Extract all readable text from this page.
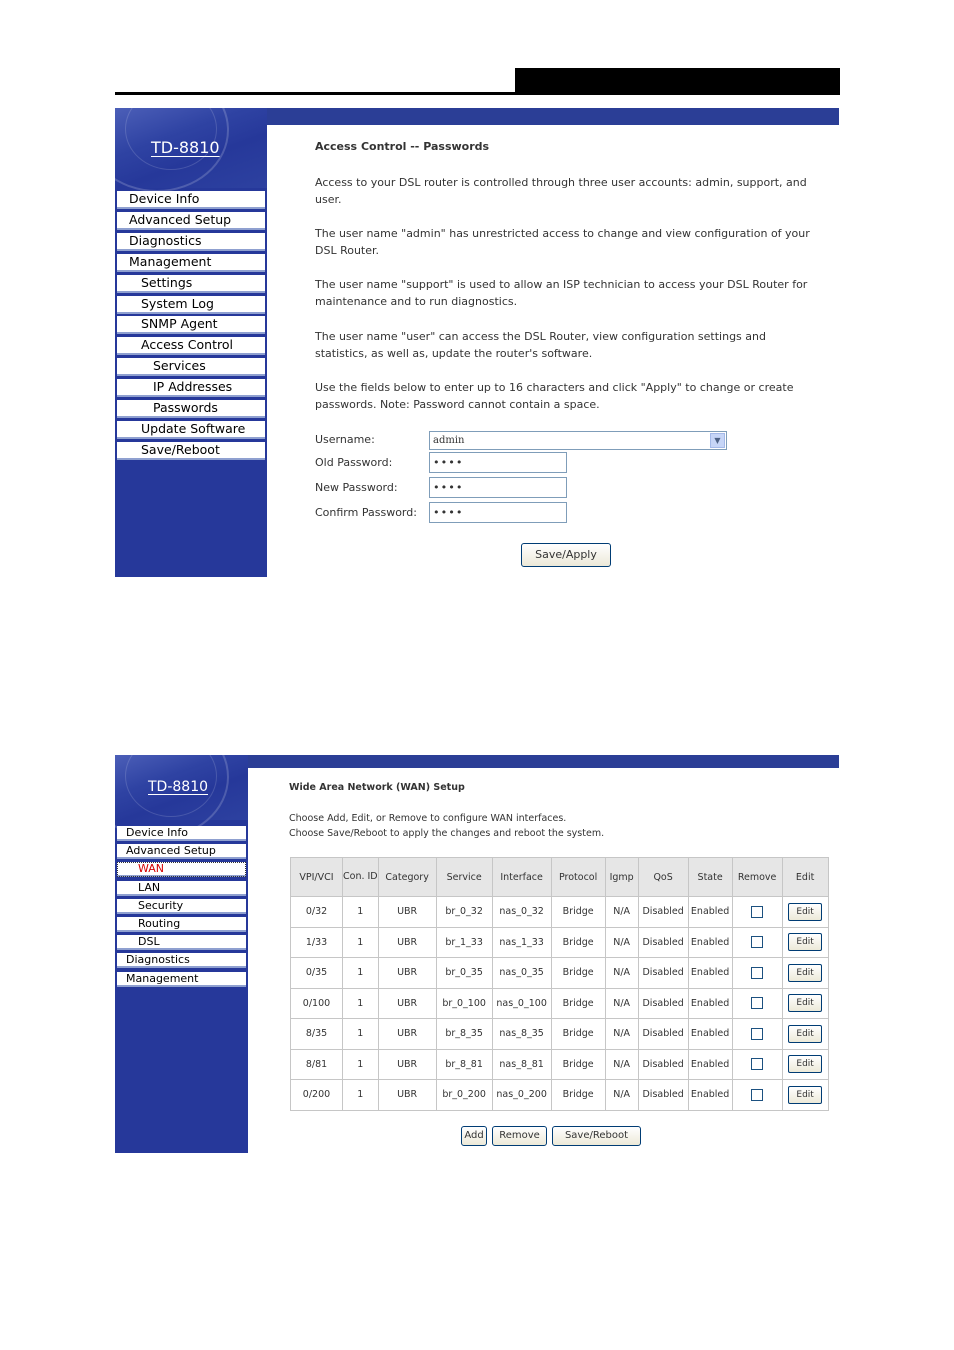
TD-8810	Access Control -- Passwords
Username:	admin	▼
Old Password:	••••
New Password:	••••
Confirm Password:	••••
Save/Apply
Device Info
Advanced Setup
Diagnostics
Management
Settings
System Log
SNMP Agent
Access Control
Services
IP Addresses
Passwords
Update Software
Save/Reboot
Access to your DSL router is controlled through three user accounts: admin, support, and user.
The user name "admin" has unrestricted access to change and view configuration of your DSL Router.
The user name "support" is used to allow an ISP technician to access your DSL Router for maintenance and to run diagnostics.
The user name "user" can access the DSL Router, view configuration settings and statistics, as well as, update the router's software.
Use the fields below to enter up to 16 characters and click "Apply" to change or create passwords. Note: Password cannot contain a space.
TD-8810	Wide Area Network (WAN) Setup
Choose Add, Edit, or Remove to configure WAN interfaces.
Choose Save/Reboot to apply the changes and reboot the system.
VPI/VCI	Con. ID	Category	Service	Interface	Protocol	Igmp	QoS	State	Remove	Edit
0/32	1	UBR	br_0_32	nas_0_32	Bridge	N/A	Disabled	Enabled		Edit
1/33	1	UBR	br_1_33	nas_1_33	Bridge	N/A	Disabled	Enabled		Edit
0/35	1	UBR	br_0_35	nas_0_35	Bridge	N/A	Disabled	Enabled		Edit
0/100	1	UBR	br_0_100	nas_0_100	Bridge	N/A	Disabled	Enabled		Edit
8/35	1	UBR	br_8_35	nas_8_35	Bridge	N/A	Disabled	Enabled		Edit
8/81	1	UBR	br_8_81	nas_8_81	Bridge	N/A	Disabled	Enabled		Edit
0/200	1	UBR	br_0_200	nas_0_200	Bridge	N/A	Disabled	Enabled		Edit
Add	Remove	Save/Reboot
Device Info
Advanced Setup
WAN
LAN
Security
Routing
DSL
Diagnostics
Management
